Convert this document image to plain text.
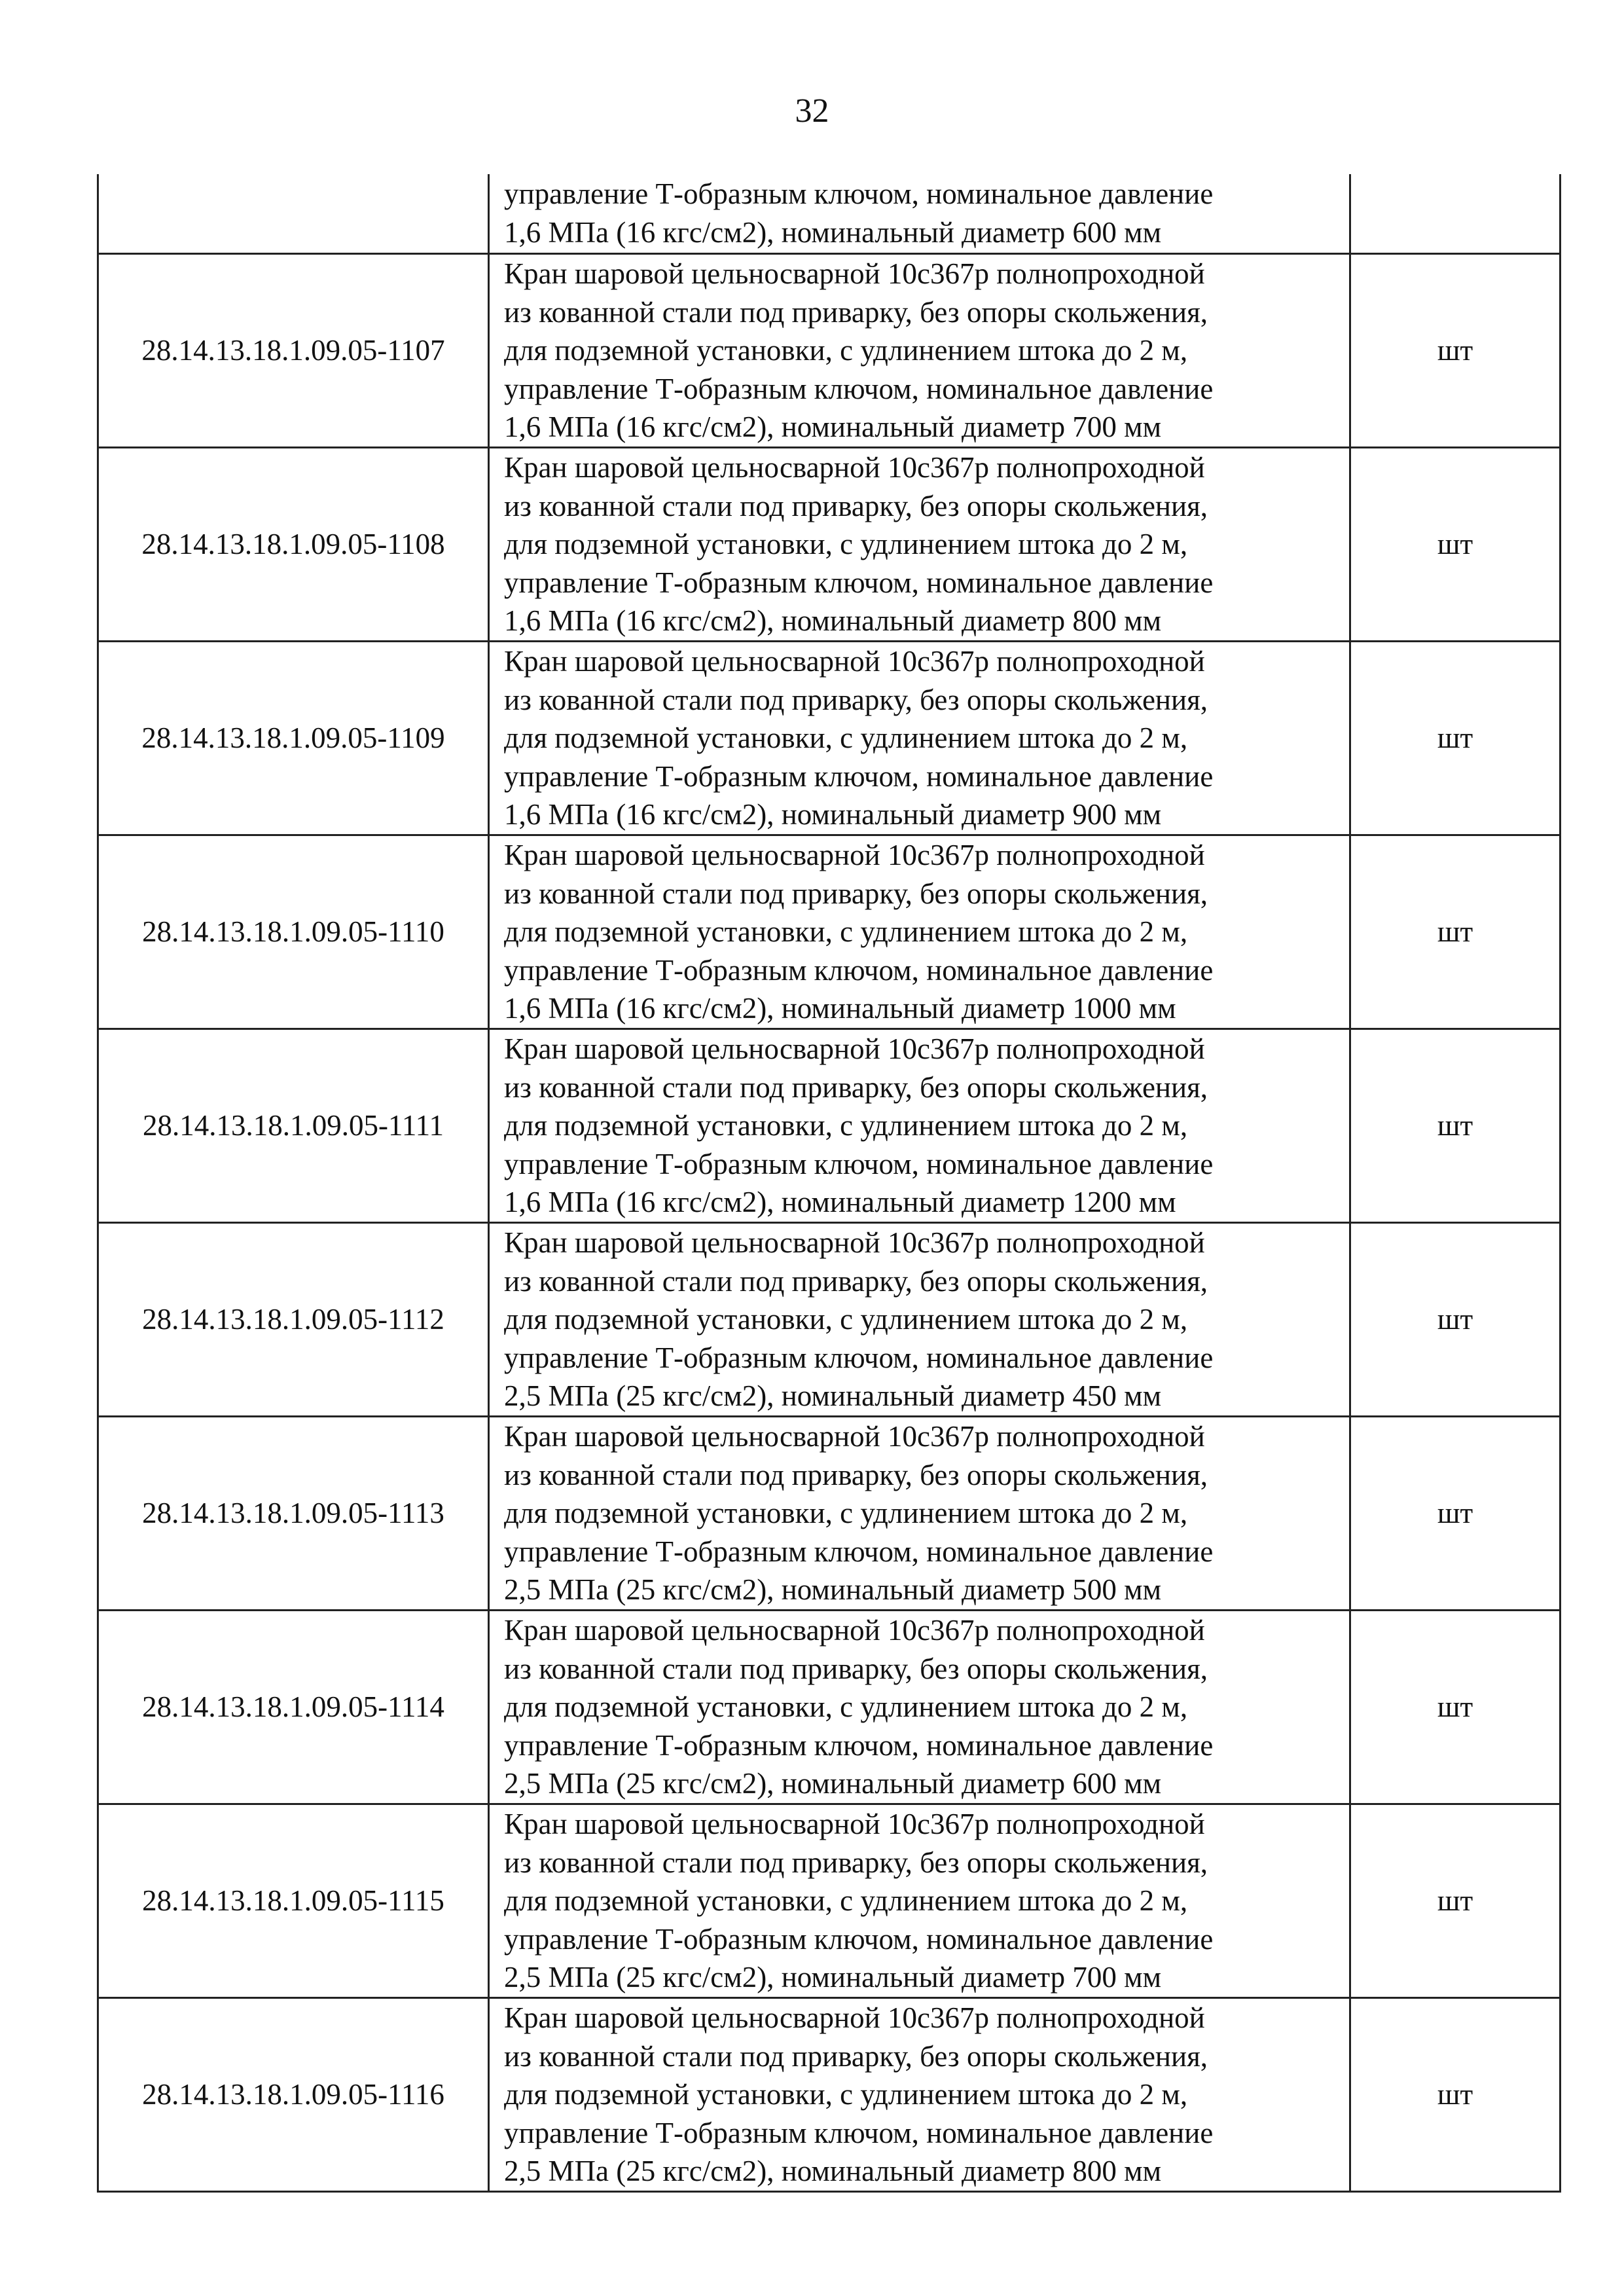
32

	управление Т-образным ключом, номинальное давление
1,6 МПа (16 кгс/см2), номинальный диаметр 600 мм	

28.14.13.18.1.09.05-1107	Кран шаровой цельносварной 10с367р полнопроходной
из кованной стали под приварку, без опоры скольжения,
для подземной установки, с удлинением штока до 2 м,
управление Т-образным ключом, номинальное давление
1,6 МПа (16 кгс/см2), номинальный диаметр 700 мм	шт
28.14.13.18.1.09.05-1108	Кран шаровой цельносварной 10с367р полнопроходной
из кованной стали под приварку, без опоры скольжения,
для подземной установки, с удлинением штока до 2 м,
управление Т-образным ключом, номинальное давление
1,6 МПа (16 кгс/см2), номинальный диаметр 800 мм	шт
28.14.13.18.1.09.05-1109	Кран шаровой цельносварной 10с367р полнопроходной
из кованной стали под приварку, без опоры скольжения,
для подземной установки, с удлинением штока до 2 м,
управление Т-образным ключом, номинальное давление
1,6 МПа (16 кгс/см2), номинальный диаметр 900 мм	шт
28.14.13.18.1.09.05-1110	Кран шаровой цельносварной 10с367р полнопроходной
из кованной стали под приварку, без опоры скольжения,
для подземной установки, с удлинением штока до 2 м,
управление Т-образным ключом, номинальное давление
1,6 МПа (16 кгс/см2), номинальный диаметр 1000 мм	шт
28.14.13.18.1.09.05-1111	Кран шаровой цельносварной 10с367р полнопроходной
из кованной стали под приварку, без опоры скольжения,
для подземной установки, с удлинением штока до 2 м,
управление Т-образным ключом, номинальное давление
1,6 МПа (16 кгс/см2), номинальный диаметр 1200 мм	шт
28.14.13.18.1.09.05-1112	Кран шаровой цельносварной 10с367р полнопроходной
из кованной стали под приварку, без опоры скольжения,
для подземной установки, с удлинением штока до 2 м,
управление Т-образным ключом, номинальное давление
2,5 МПа (25 кгс/см2), номинальный диаметр 450 мм	шт
28.14.13.18.1.09.05-1113	Кран шаровой цельносварной 10с367р полнопроходной
из кованной стали под приварку, без опоры скольжения,
для подземной установки, с удлинением штока до 2 м,
управление Т-образным ключом, номинальное давление
2,5 МПа (25 кгс/см2), номинальный диаметр 500 мм	шт
28.14.13.18.1.09.05-1114	Кран шаровой цельносварной 10с367р полнопроходной
из кованной стали под приварку, без опоры скольжения,
для подземной установки, с удлинением штока до 2 м,
управление Т-образным ключом, номинальное давление
2,5 МПа (25 кгс/см2), номинальный диаметр 600 мм	шт
28.14.13.18.1.09.05-1115	Кран шаровой цельносварной 10с367р полнопроходной
из кованной стали под приварку, без опоры скольжения,
для подземной установки, с удлинением штока до 2 м,
управление Т-образным ключом, номинальное давление
2,5 МПа (25 кгс/см2), номинальный диаметр 700 мм	шт
28.14.13.18.1.09.05-1116	Кран шаровой цельносварной 10с367р полнопроходной
из кованной стали под приварку, без опоры скольжения,
для подземной установки, с удлинением штока до 2 м,
управление Т-образным ключом, номинальное давление
2,5 МПа (25 кгс/см2), номинальный диаметр 800 мм	шт
